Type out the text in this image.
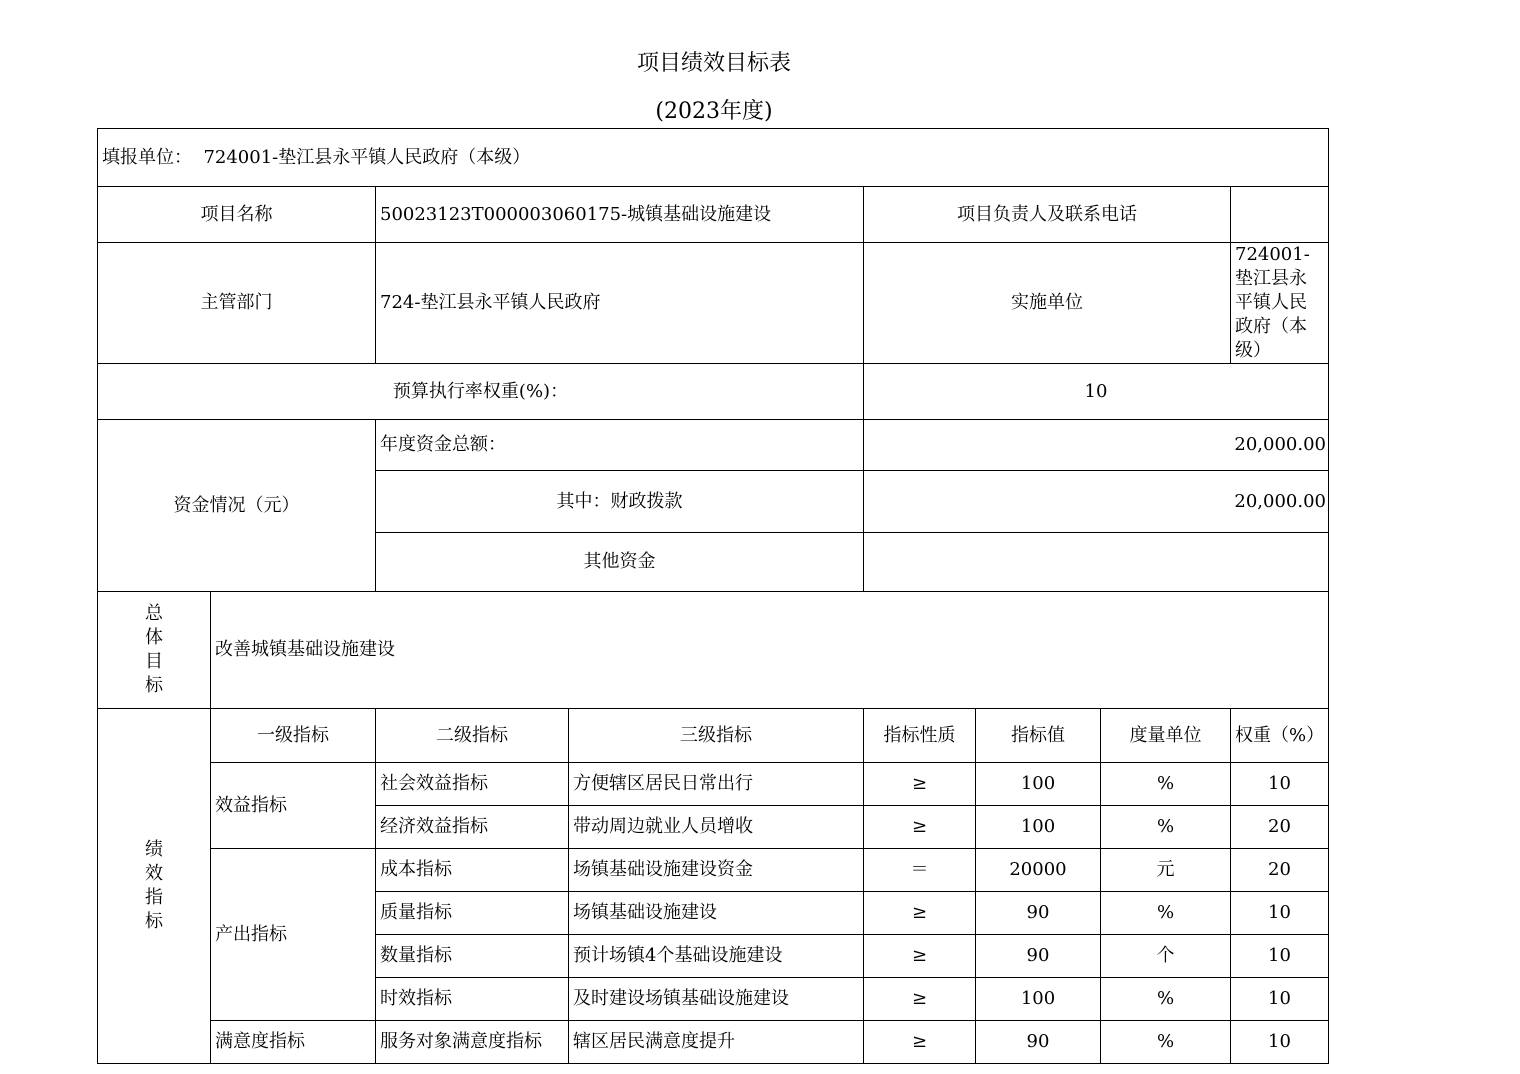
项目绩效目标表
(2023年度)
填报单位： 724001-垫江县永平镇人民政府（本级）							
项目名称		50023123T000003060175-城镇基础设施建设		项目负责人及联系电话			
主管部门		724-垫江县永平镇人民政府		实施单位			724001-垫江县永平镇人民政府（本级）
预算执行率权重(%)：				10			

资金情况（元）		年度资金总额：		20,000.00			
		其中：财政拨款		20,000.00			
		其他资金					

总体目标	改善城镇基础设施建设						

绩效指标	一级指标	二级指标	三级指标	指标性质	指标值	度量单位	权重（%）
	效益指标	社会效益指标	方便辖区居民日常出行	≥	100	%	10
		经济效益指标	带动周边就业人员增收	≥	100	%	20
	产出指标	成本指标	场镇基础设施建设资金	＝	20000	元	20
		质量指标	场镇基础设施建设	≥	90	%	10
		数量指标	预计场镇4个基础设施建设	≥	90	个	10
		时效指标	及时建设场镇基础设施建设	≥	100	%	10
	满意度指标	服务对象满意度指标	辖区居民满意度提升	≥	90	%	10
